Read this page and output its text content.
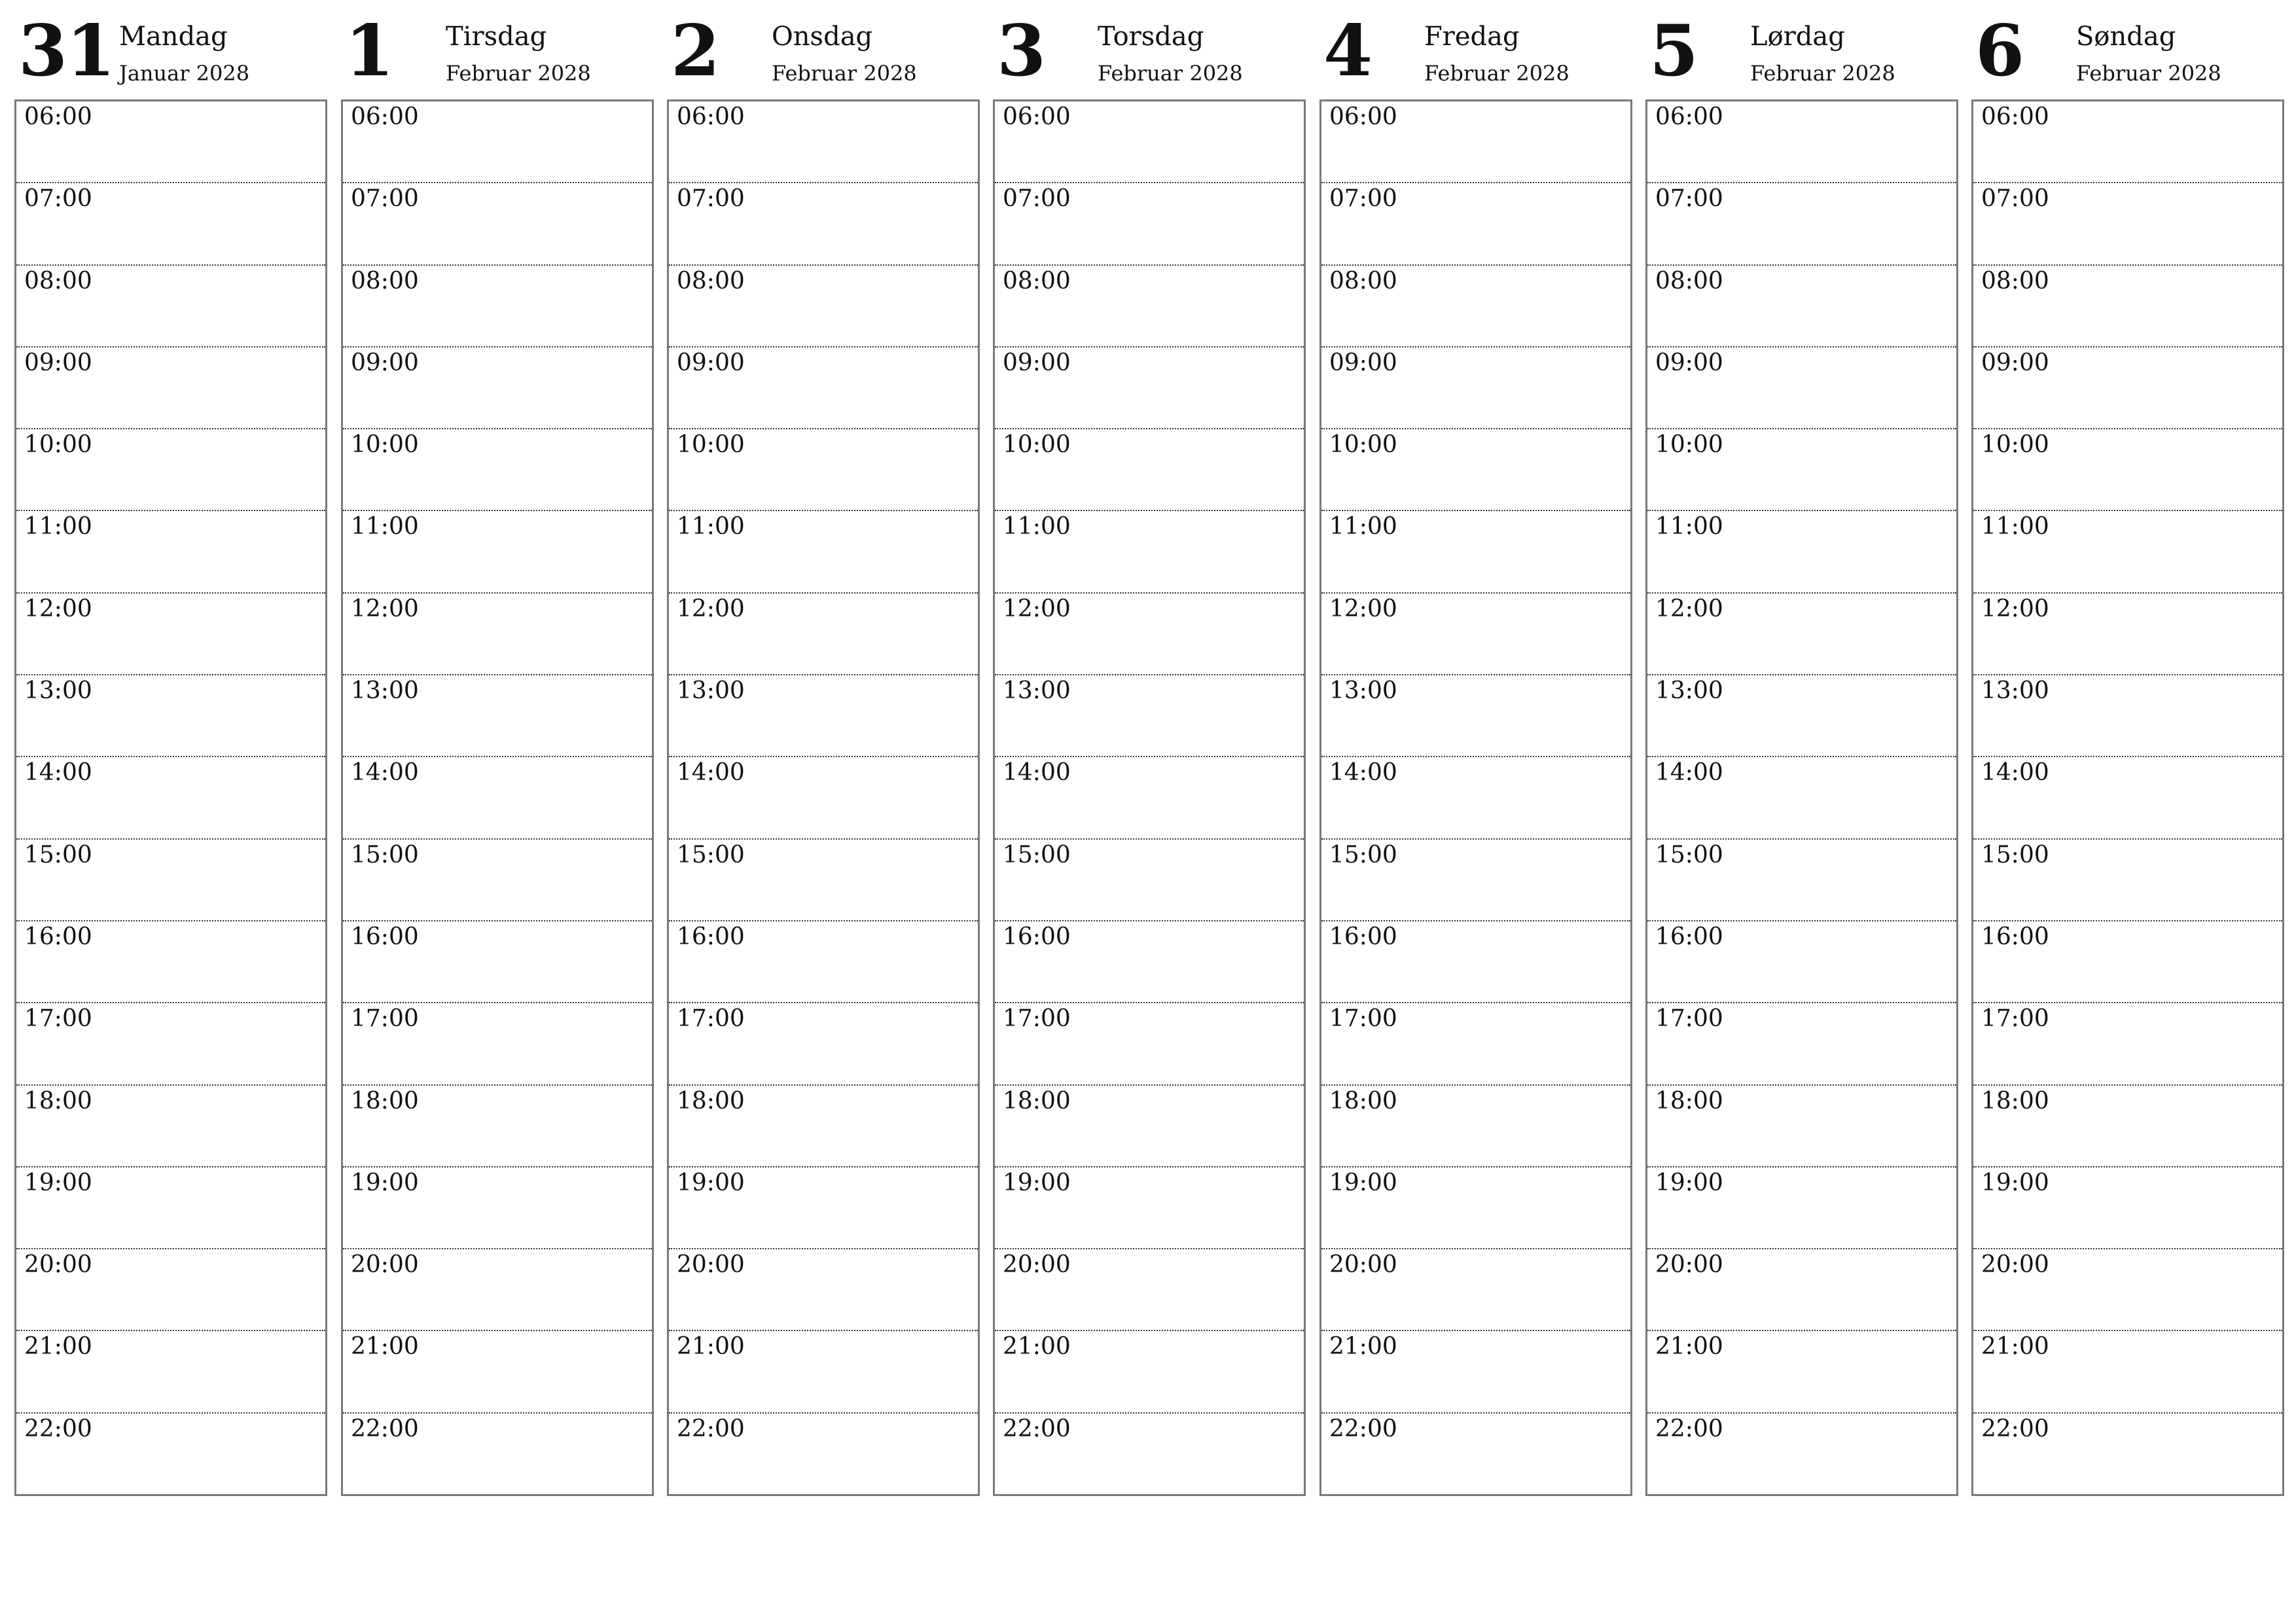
31 Mandag
Januar 2028
06:00
07:00
08:00
09:00
10:00
11:00
12:00
13:00
14:00
15:00
16:00
17:00
18:00
19:00
20:00
21:00
22:00
1 Tirsdag
Februar 2028
06:00
07:00
08:00
09:00
10:00
11:00
12:00
13:00
14:00
15:00
16:00
17:00
18:00
19:00
20:00
21:00
22:00
2 Onsdag
Februar 2028
06:00
07:00
08:00
09:00
10:00
11:00
12:00
13:00
14:00
15:00
16:00
17:00
18:00
19:00
20:00
21:00
22:00
3 Torsdag
Februar 2028
06:00
07:00
08:00
09:00
10:00
11:00
12:00
13:00
14:00
15:00
16:00
17:00
18:00
19:00
20:00
21:00
22:00
4 Fredag
Februar 2028
06:00
07:00
08:00
09:00
10:00
11:00
12:00
13:00
14:00
15:00
16:00
17:00
18:00
19:00
20:00
21:00
22:00
5 Lørdag
Februar 2028
06:00
07:00
08:00
09:00
10:00
11:00
12:00
13:00
14:00
15:00
16:00
17:00
18:00
19:00
20:00
21:00
22:00
6 Søndag
Februar 2028
06:00
07:00
08:00
09:00
10:00
11:00
12:00
13:00
14:00
15:00
16:00
17:00
18:00
19:00
20:00
21:00
22:00
